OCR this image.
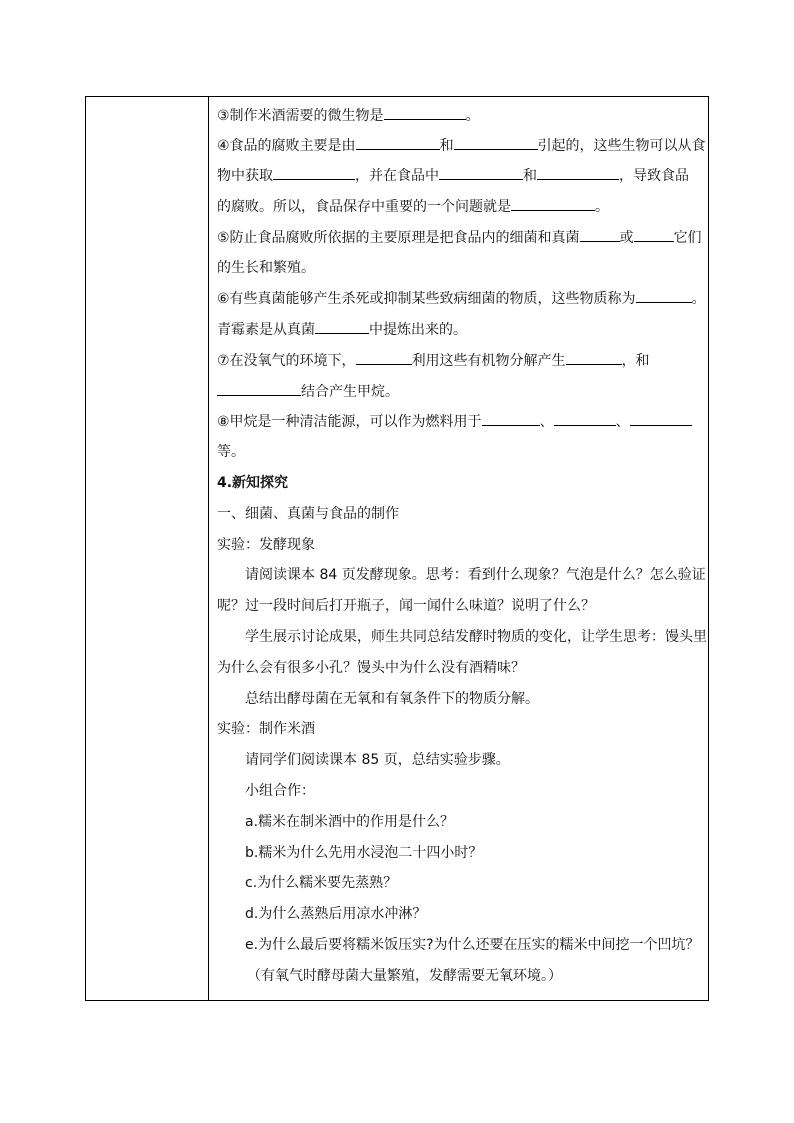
③制作米酒需要的微生物是	。
④食品的腐败主要是由	和	引起的，这些生物可以从食
物中获取	，并在食品中	和	，导致食品
的腐败。所以，食品保存中重要的一个问题就是	。
⑤防止食品腐败所依据的主要原理是把食品内的细菌和真菌	或	它们
的生长和繁殖。
⑥有些真菌能够产生杀死或抑制某些致病细菌的物质，这些物质称为	。
青霉素是从真菌	中提炼出来的。
⑦在没氧气的环境下，	利用这些有机物分解产生	，和
结合产生甲烷。
⑧甲烷是一种清洁能源，可以作为燃料用于	、	、
等。
4.新知探究
一、细菌、真菌与食品的制作
实验：发酵现象
请阅读课本 84 页发酵现象。思考：看到什么现象？气泡是什么？怎么验证
呢？过一段时间后打开瓶子，闻一闻什么味道？说明了什么？
学生展示讨论成果，师生共同总结发酵时物质的变化，让学生思考：馒头里
为什么会有很多小孔？馒头中为什么没有酒精味？
总结出酵母菌在无氧和有氧条件下的物质分解。
实验：制作米酒
请同学们阅读课本 85 页，总结实验步骤。
小组合作：
a.糯米在制米酒中的作用是什么？
b.糯米为什么先用水浸泡二十四小时？
c.为什么糯米要先蒸熟？
d.为什么蒸熟后用凉水冲淋？
e.为什么最后要将糯米饭压实?为什么还要在压实的糯米中间挖一个凹坑？
（有氧气时酵母菌大量繁殖，发酵需要无氧环境。）
